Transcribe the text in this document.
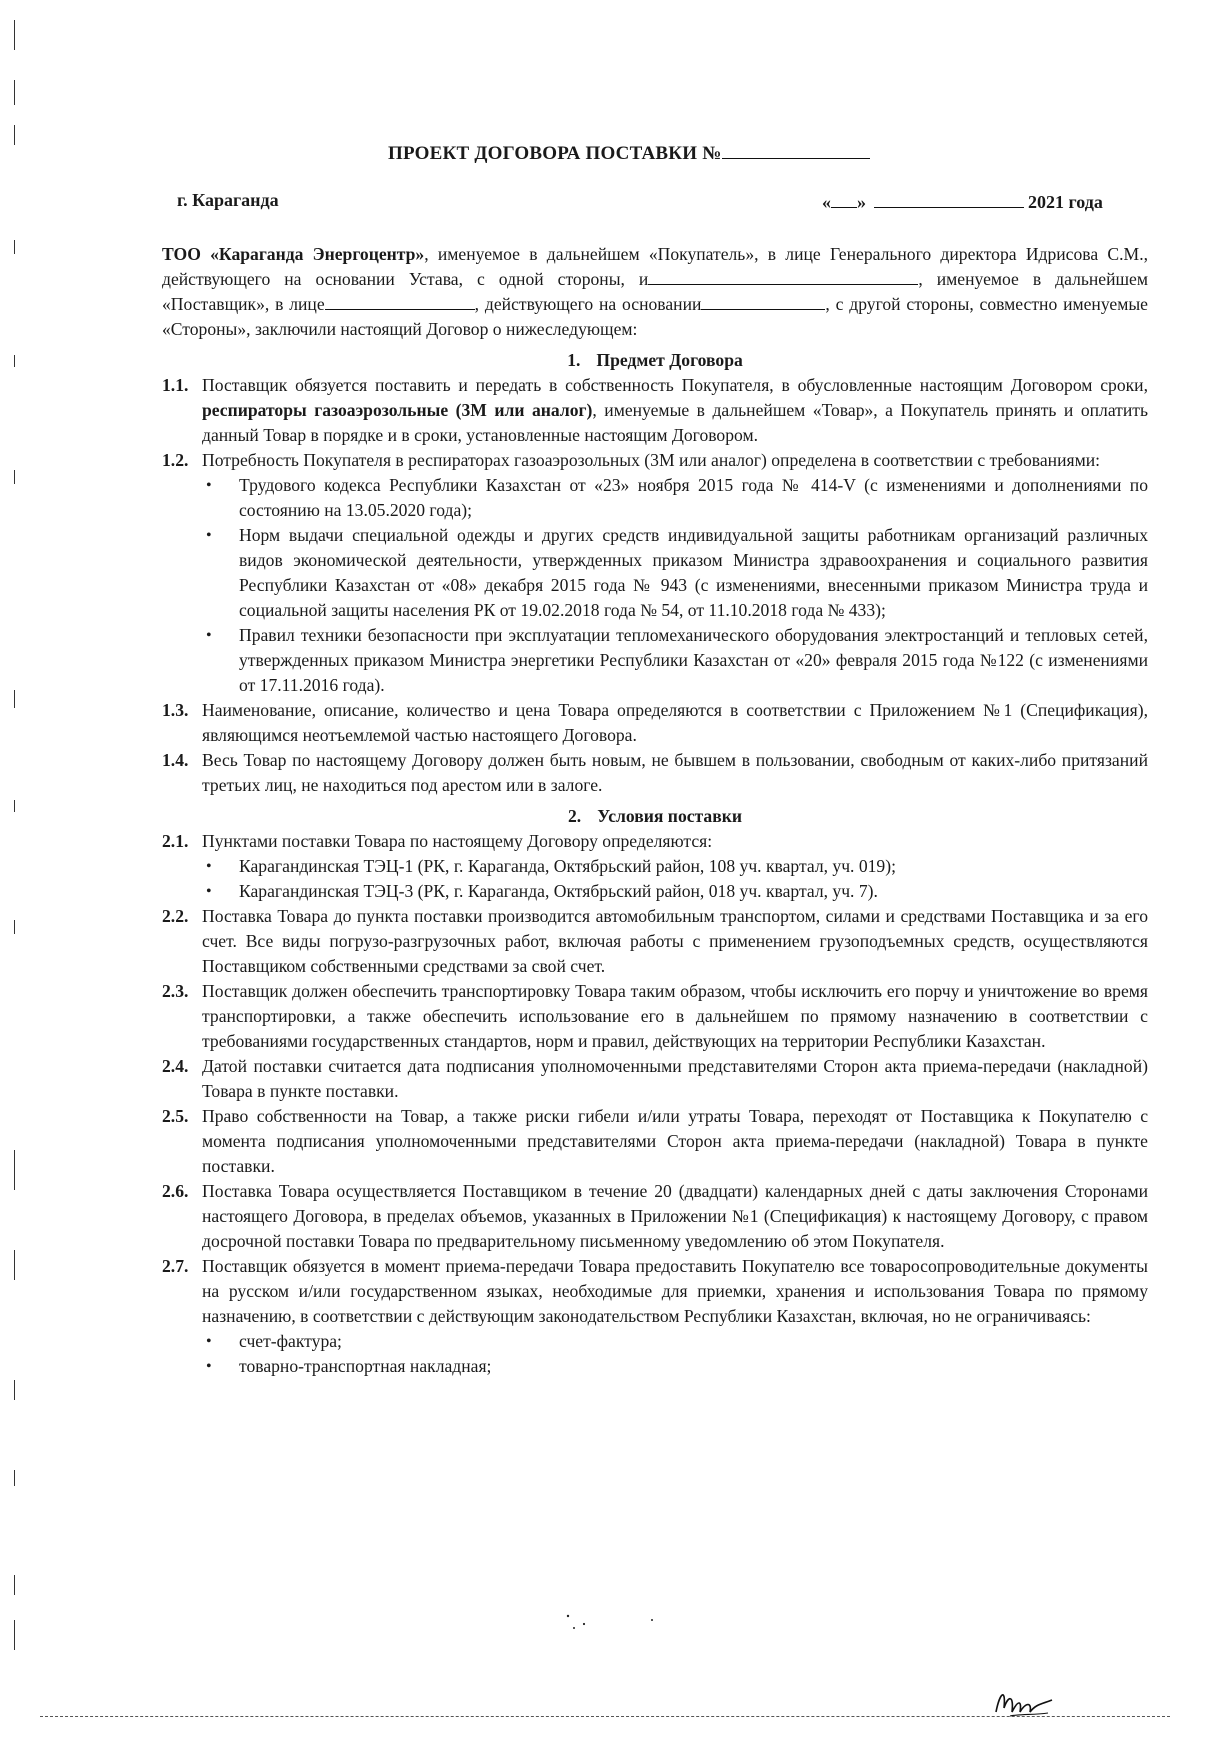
ПРОЕКТ ДОГОВОРА ПОСТАВКИ №
г. Караганда	« »	2021 года
ТОО «Караганда Энергоцентр», именуемое в дальнейшем «Покупатель», в лице Генерального директора Идрисова С.М., действующего на основании Устава, с одной стороны, и	, именуемое в дальнейшем «Поставщик», в лице	, действующего на основании	, с другой стороны, совместно именуемые «Стороны», заключили настоящий Договор о нижеследующем:
1. Предмет Договора
1.1. Поставщик обязуется поставить и передать в собственность Покупателя, в обусловленные настоящим Договором сроки, респираторы газоаэрозольные (3М или аналог), именуемые в дальнейшем «Товар», а Покупатель принять и оплатить данный Товар в порядке и в сроки, установленные настоящим Договором.
1.2. Потребность Покупателя в респираторах газоаэрозольных (3М или аналог) определена в соответствии с требованиями:
• Трудового кодекса Республики Казахстан от «23» ноября 2015 года № 414-V (с изменениями и дополнениями по состоянию на 13.05.2020 года);
• Норм выдачи специальной одежды и других средств индивидуальной защиты работникам организаций различных видов экономической деятельности, утвержденных приказом Министра здравоохранения и социального развития Республики Казахстан от «08» декабря 2015 года № 943 (с изменениями, внесенными приказом Министра труда и социальной защиты населения РК от 19.02.2018 года № 54, от 11.10.2018 года № 433);
• Правил техники безопасности при эксплуатации тепломеханического оборудования электростанций и тепловых сетей, утвержденных приказом Министра энергетики Республики Казахстан от «20» февраля 2015 года №122 (с изменениями от 17.11.2016 года).
1.3. Наименование, описание, количество и цена Товара определяются в соответствии с Приложением №1 (Спецификация), являющимся неотъемлемой частью настоящего Договора.
1.4. Весь Товар по настоящему Договору должен быть новым, не бывшем в пользовании, свободным от каких-либо притязаний третьих лиц, не находиться под арестом или в залоге.
2. Условия поставки
2.1. Пунктами поставки Товара по настоящему Договору определяются:
• Карагандинская ТЭЦ-1 (РК, г. Караганда, Октябрьский район, 108 уч. квартал, уч. 019);
• Карагандинская ТЭЦ-3 (РК, г. Караганда, Октябрьский район, 018 уч. квартал, уч. 7).
2.2. Поставка Товара до пункта поставки производится автомобильным транспортом, силами и средствами Поставщика и за его счет. Все виды погрузо-разгрузочных работ, включая работы с применением грузоподъемных средств, осуществляются Поставщиком собственными средствами за свой счет.
2.3. Поставщик должен обеспечить транспортировку Товара таким образом, чтобы исключить его порчу и уничтожение во время транспортировки, а также обеспечить использование его в дальнейшем по прямому назначению в соответствии с требованиями государственных стандартов, норм и правил, действующих на территории Республики Казахстан.
2.4. Датой поставки считается дата подписания уполномоченными представителями Сторон акта приема-передачи (накладной) Товара в пункте поставки.
2.5. Право собственности на Товар, а также риски гибели и/или утраты Товара, переходят от Поставщика к Покупателю с момента подписания уполномоченными представителями Сторон акта приема-передачи (накладной) Товара в пункте поставки.
2.6. Поставка Товара осуществляется Поставщиком в течение 20 (двадцати) календарных дней с даты заключения Сторонами настоящего Договора, в пределах объемов, указанных в Приложении №1 (Спецификация) к настоящему Договору, с правом досрочной поставки Товара по предварительному письменному уведомлению об этом Покупателя.
2.7. Поставщик обязуется в момент приема-передачи Товара предоставить Покупателю все товаросопроводительные документы на русском и/или государственном языках, необходимые для приемки, хранения и использования Товара по прямому назначению, в соответствии с действующим законодательством Республики Казахстан, включая, но не ограничиваясь:
• счет-фактура;
• товарно-транспортная накладная;
